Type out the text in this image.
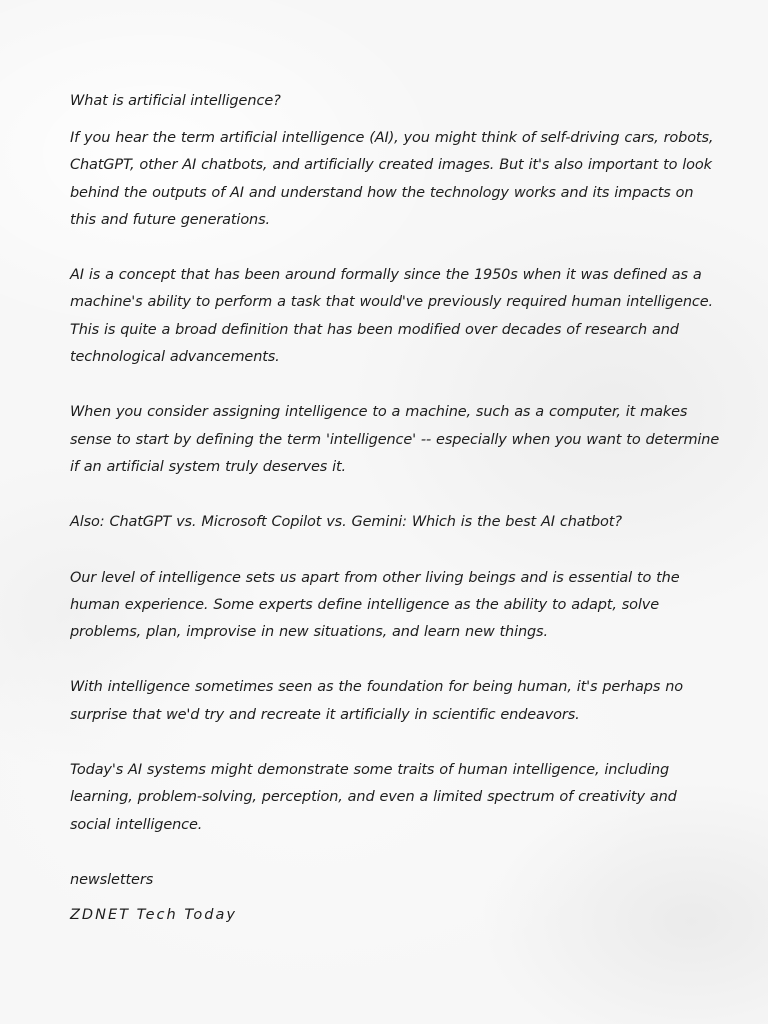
What is artificial intelligence?

If you hear the term artificial intelligence (AI), you might think of self-driving cars, robots, ChatGPT, other AI chatbots, and artificially created images. But it's also important to look behind the outputs of AI and understand how the technology works and its impacts on this and future generations.

AI is a concept that has been around formally since the 1950s when it was defined as a machine's ability to perform a task that would've previously required human intelligence. This is quite a broad definition that has been modified over decades of research and technological advancements.

When you consider assigning intelligence to a machine, such as a computer, it makes sense to start by defining the term 'intelligence' -- especially when you want to determine if an artificial system truly deserves it.

Also: ChatGPT vs. Microsoft Copilot vs. Gemini: Which is the best AI chatbot?

Our level of intelligence sets us apart from other living beings and is essential to the human experience. Some experts define intelligence as the ability to adapt, solve problems, plan, improvise in new situations, and learn new things.

With intelligence sometimes seen as the foundation for being human, it's perhaps no surprise that we'd try and recreate it artificially in scientific endeavors.

Today's AI systems might demonstrate some traits of human intelligence, including learning, problem-solving, perception, and even a limited spectrum of creativity and social intelligence.

newsletters
ZDNET Tech Today
